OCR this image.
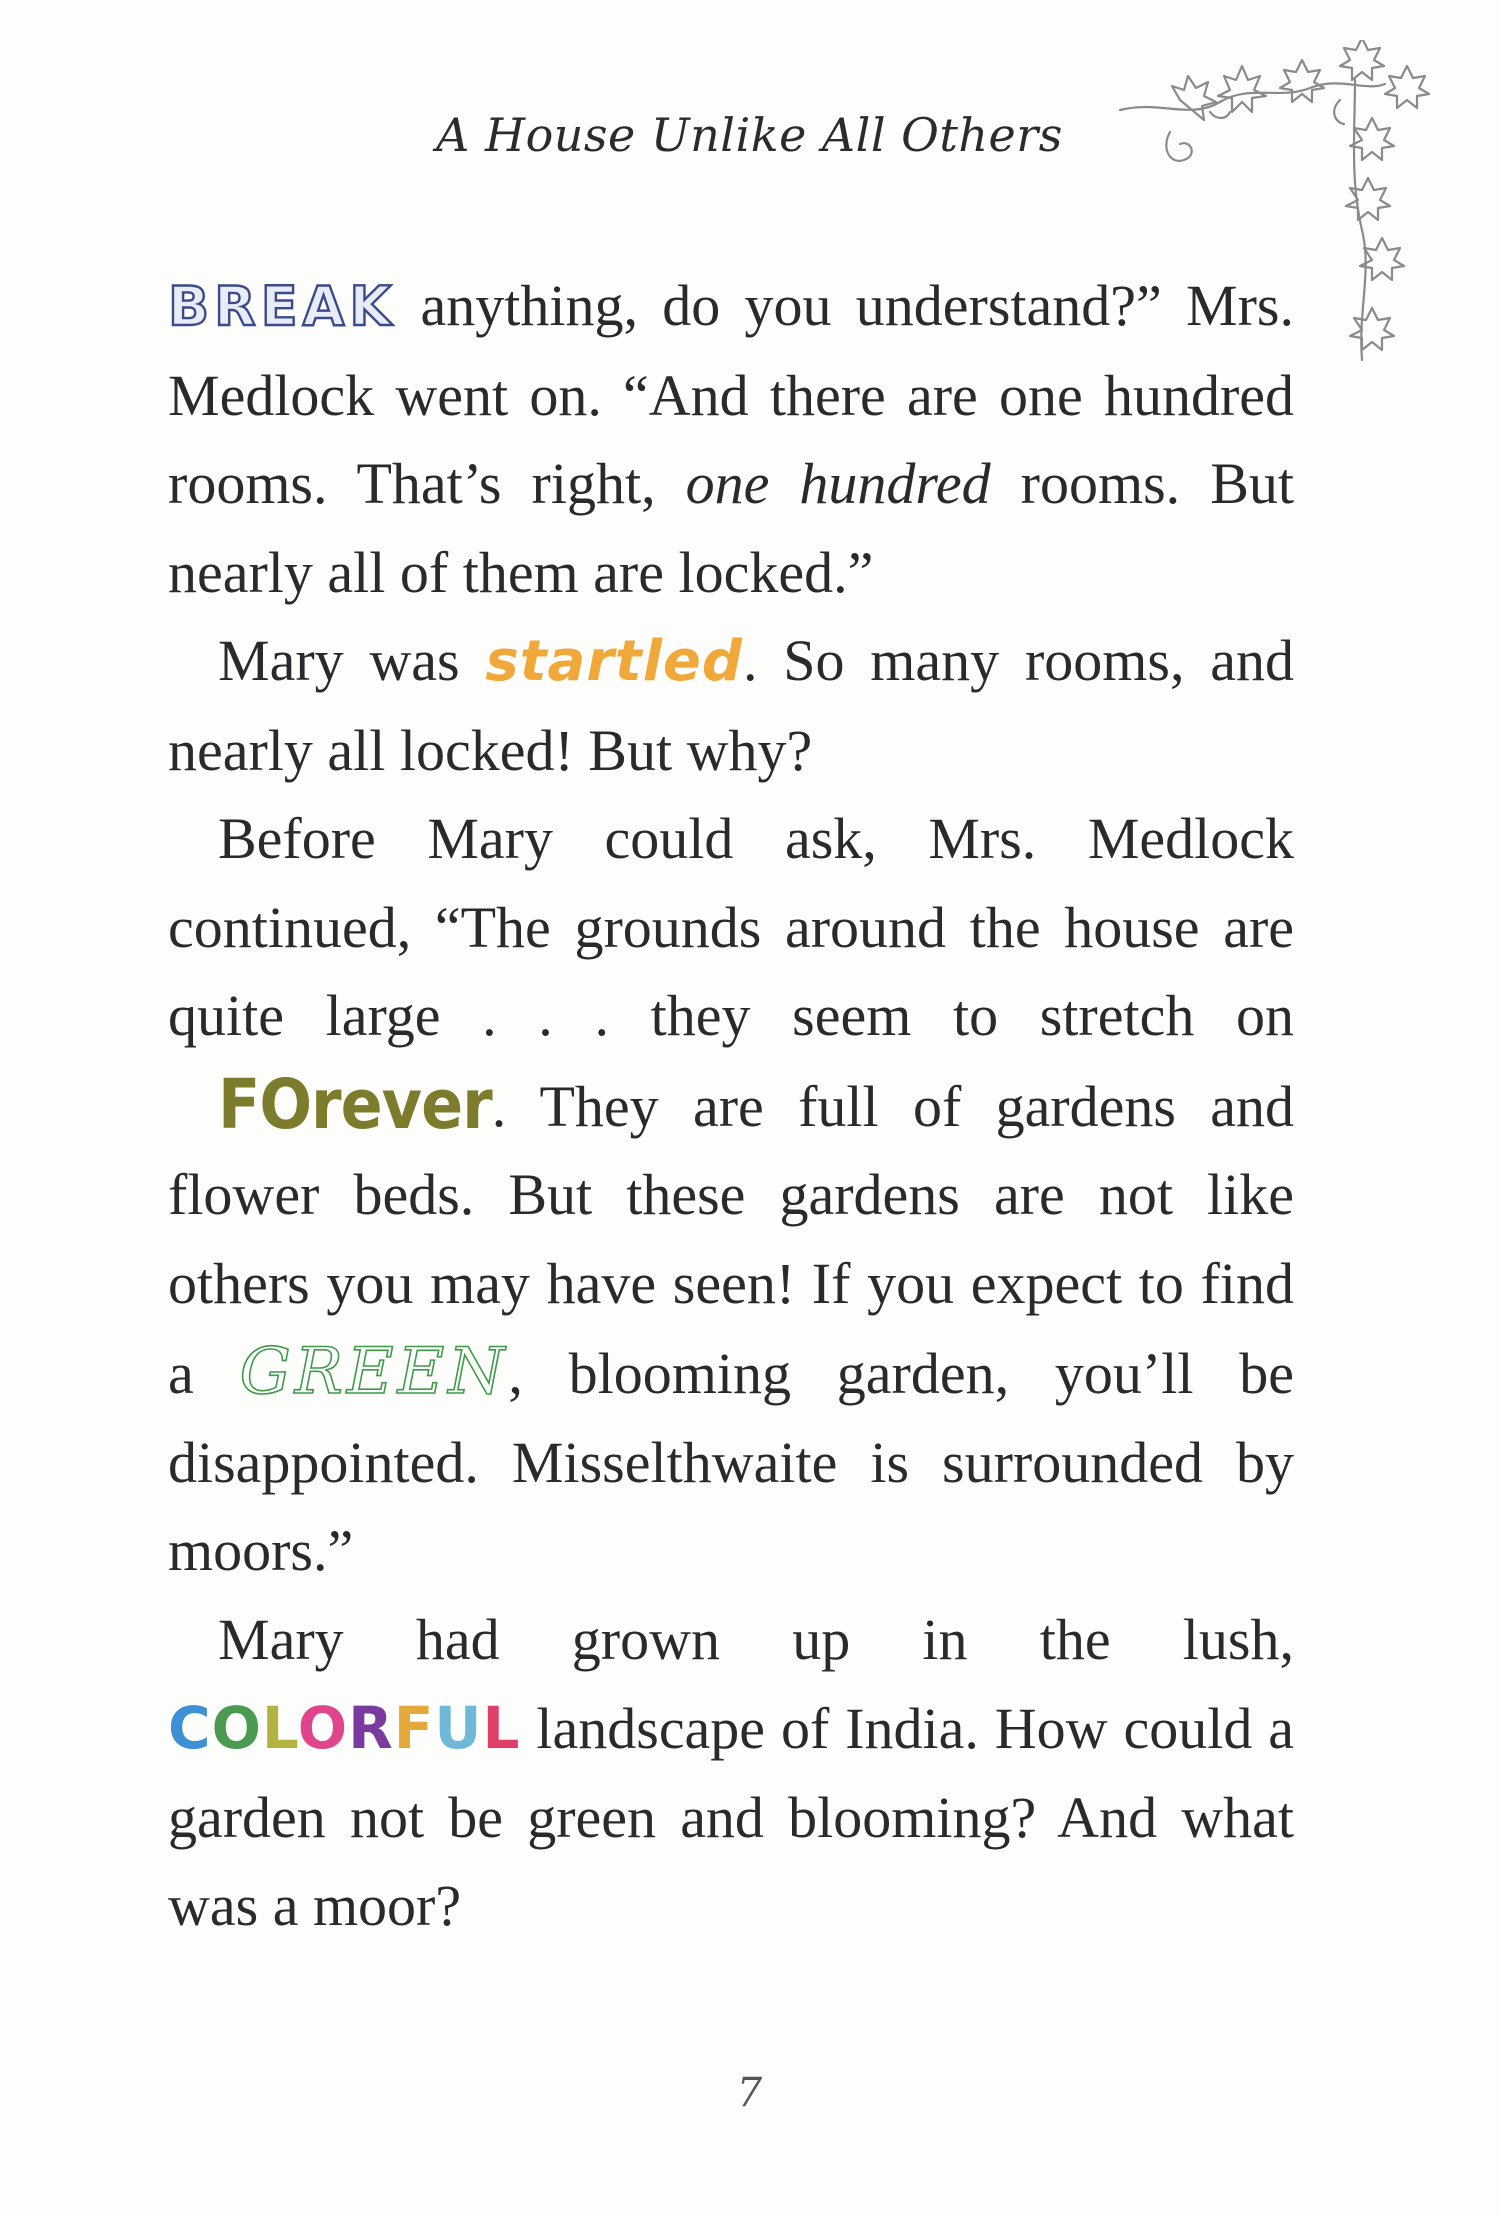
A House Unlike All Others

BREAK anything, do you understand?” Mrs. Medlock went on. “And there are one hundred rooms. That’s right, one hundred rooms. But nearly all of them are locked.”

Mary was startled. So many rooms, and nearly all locked! But why?

Before Mary could ask, Mrs. Medlock continued, “The grounds around the house are quite large . . . they seem to stretch on FOrever. They are full of gardens and flower beds. But these gardens are not like others you may have seen! If you expect to find a GREEN, blooming garden, you’ll be disappointed. Misselthwaite is surrounded by moors.”

Mary had grown up in the lush, COLORFUL landscape of India. How could a garden not be green and blooming? And what was a moor?

7
